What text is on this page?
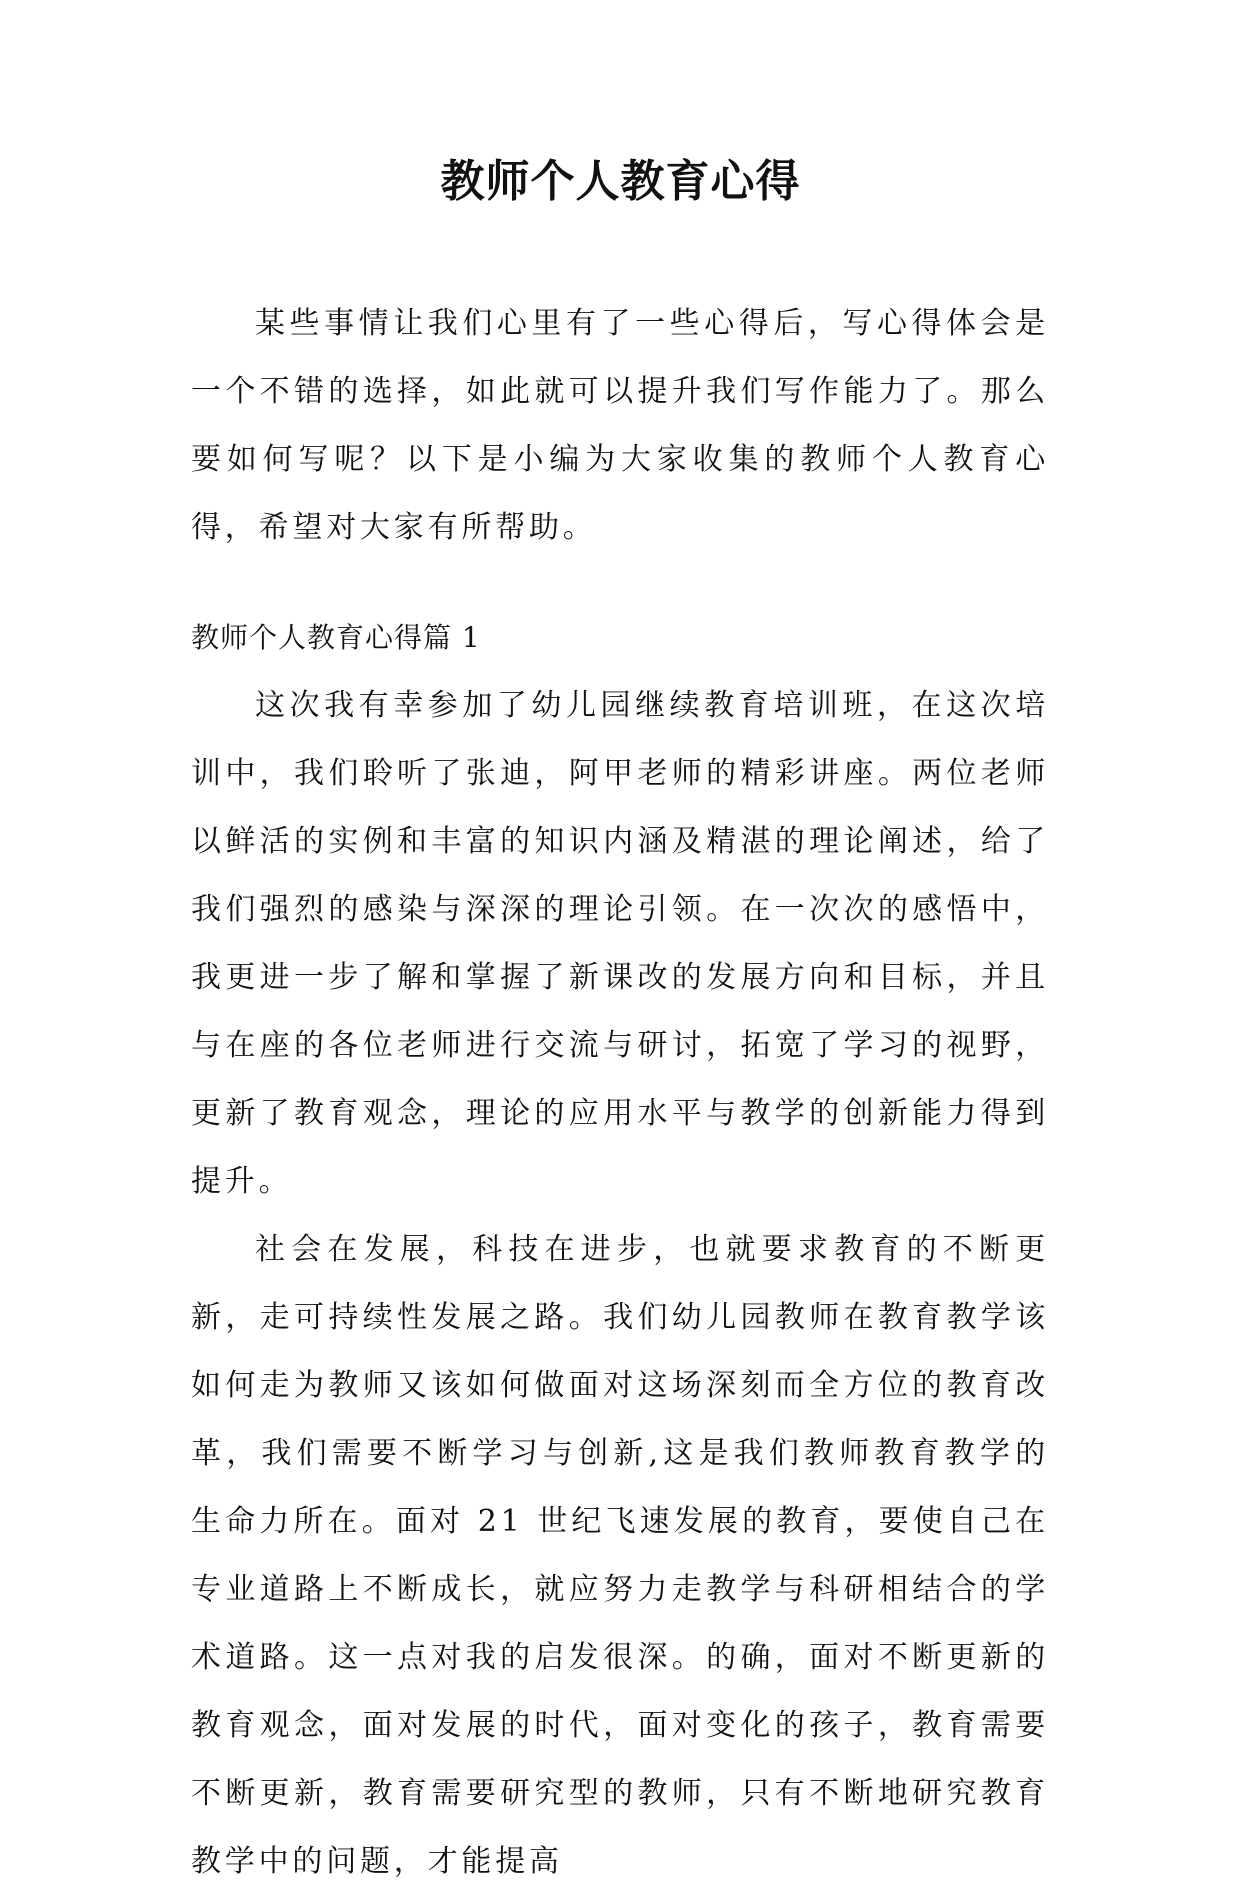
教师个人教育心得

某些事情让我们心里有了一些心得后，写心得体会是一个不错的选择，如此就可以提升我们写作能力了。那么要如何写呢？以下是小编为大家收集的教师个人教育心得，希望对大家有所帮助。

教师个人教育心得篇 1

这次我有幸参加了幼儿园继续教育培训班，在这次培训中，我们聆听了张迪，阿甲老师的精彩讲座。两位老师以鲜活的实例和丰富的知识内涵及精湛的理论阐述，给了我们强烈的感染与深深的理论引领。在一次次的感悟中，我更进一步了解和掌握了新课改的发展方向和目标，并且与在座的各位老师进行交流与研讨，拓宽了学习的视野，更新了教育观念，理论的应用水平与教学的创新能力得到提升。

社会在发展，科技在进步，也就要求教育的不断更新，走可持续性发展之路。我们幼儿园教师在教育教学该如何走为教师又该如何做面对这场深刻而全方位的教育改革，我们需要不断学习与创新,这是我们教师教育教学的生命力所在。面对 21 世纪飞速发展的教育，要使自己在专业道路上不断成长，就应努力走教学与科研相结合的学术道路。这一点对我的启发很深。的确，面对不断更新的教育观念，面对发展的时代，面对变化的孩子，教育需要不断更新，教育需要研究型的教师，只有不断地研究教育教学中的问题，才能提高
